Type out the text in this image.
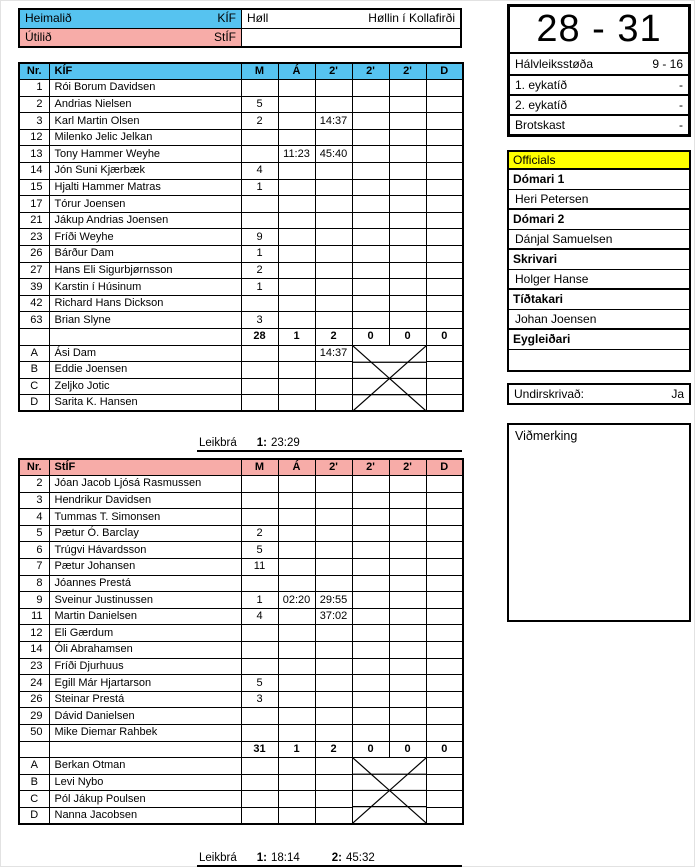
Heimalið	KÍF Høll	Høllin í Kollafirði
Útilið	StÍF
Nr.	KÍF	M	Á	2'	2'	2'	D
1	Rói Borum Davidsen						
2	Andrias Nielsen	5					
3	Karl Martin Olsen	2		14:37			
12	Milenko Jelic Jelkan						
13	Tony Hammer Weyhe		11:23	45:40			
14	Jón Suni Kjærbæk	4					
15	Hjalti Hammer Matras	1					
17	Tórur Joensen						
21	Jákup Andrias Joensen						
23	Fríði Weyhe	9					
26	Bárður Dam	1					
27	Hans Eli Sigurbjørnsson	2					
39	Karstin í Húsinum	1					
42	Richard Hans Dickson						
63	Brian Slyne	3					
		28	1	2	0	0	0
A	Ási Dam			14:37	

B	Eddie Joensen						
C	Zeljko Jotic						
D	Sarita K. Hansen						
Leikbrá 1: 23:29
Nr.	StÍF	M	Á	2'	2'	2'	D
2	Jóan Jacob Ljósá Rasmussen						
3	Hendrikur Davidsen						
4	Tummas T. Simonsen						
5	Pætur Ó. Barclay	2					
6	Trúgvi Hávardsson	5					
7	Pætur Johansen	11					
8	Jóannes Prestá						
9	Sveinur Justinussen	1	02:20	29:55			
11	Martin Danielsen	4		37:02			
12	Eli Gærdum						
14	Óli Abrahamsen						
23	Fríði Djurhuus						
24	Egill Már Hjartarson	5					
26	Steinar Prestá	3					
29	Dávid Danielsen						
50	Mike Diemar Rahbek						
		31	1	2	0	0	0
A	Berkan Otman				

B	Levi Nybo						
C	Pól Jákup Poulsen						
D	Nanna Jacobsen						
Leikbrá 1: 18:14	2: 45:32
28 - 31
Hálvleiksstøða	9 - 16
1. eykatíð	-
2. eykatíð	-
Brotskast	-
Officials
Dómari 1
Heri Petersen
Dómari 2
Dánjal Samuelsen
Skrivari
Holger Hanse
Tíðtakari
Johan Joensen
Eygleiðari
Undirskrivað:	Ja
Viðmerking
